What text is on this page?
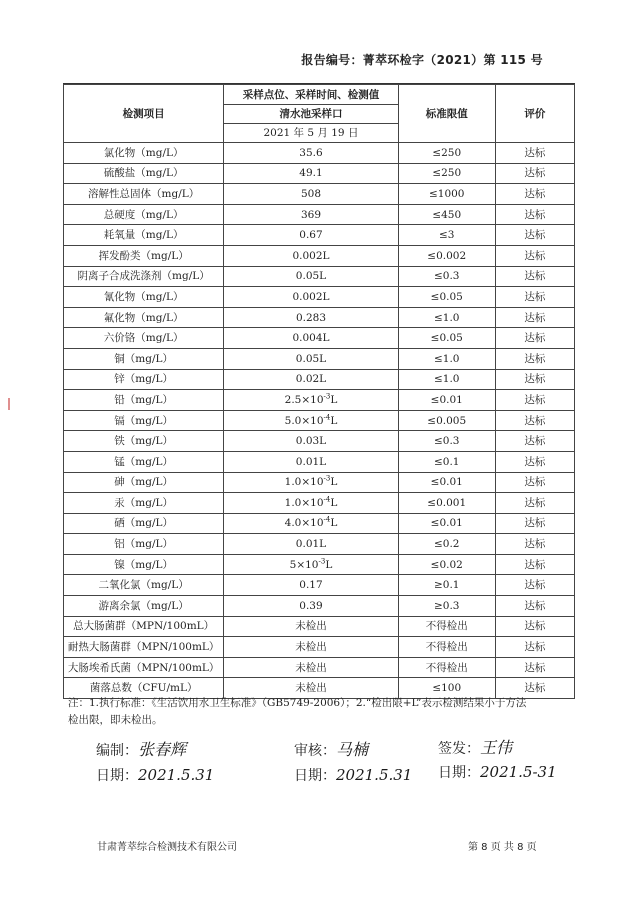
报告编号：菁萃环检字（2021）第 115 号
检测项目	采样点位、采样时间、检测值	标准限值	评价
	清水池采样口		
	2021 年 5 月 19 日		
氯化物（mg/L）	35.6	≤250	达标
硫酸盐（mg/L）	49.1	≤250	达标
溶解性总固体（mg/L）	508	≤1000	达标
总硬度（mg/L）	369	≤450	达标
耗氧量（mg/L）	0.67	≤3	达标
挥发酚类（mg/L）	0.002L	≤0.002	达标
阴离子合成洗涤剂（mg/L）	0.05L	≤0.3	达标
氰化物（mg/L）	0.002L	≤0.05	达标
氟化物（mg/L）	0.283	≤1.0	达标
六价铬（mg/L）	0.004L	≤0.05	达标
铜（mg/L）	0.05L	≤1.0	达标
锌（mg/L）	0.02L	≤1.0	达标
铅（mg/L）	$2.5\times 10^{-3}L$	≤0.01	达标
镉（mg/L）	$5.0\times 10^{-4}L$	≤0.005	达标
铁（mg/L）	0.03L	≤0.3	达标
锰（mg/L）	0.01L	≤0.1	达标
砷（mg/L）	$1.0\times 10^{-3}L$	≤0.01	达标
汞（mg/L）	$1.0\times 10^{-4}L$	≤0.001	达标
硒（mg/L）	$4.0\times 10^{-4}L$	≤0.01	达标
铝（mg/L）	0.01L	≤0.2	达标
镍（mg/L）	$5\times 10^{-3}L$	≤0.02	达标
二氧化氯（mg/L）	0.17	≥0.1	达标
游离余氯（mg/L）	0.39	≥0.3	达标
总大肠菌群（MPN/100mL）	未检出	不得检出	达标
耐热大肠菌群（MPN/100mL）	未检出	不得检出	达标
大肠埃希氏菌（MPN/100mL）	未检出	不得检出	达标
菌落总数（CFU/mL）	未检出	≤100	达标
注：1.执行标准：《生活饮用水卫生标准》（GB5749-2006）；2.“检出限+L”表示检测结果小于方法
检出限，即未检出。
编制：张春辉	审核：马楠	签发：王伟
日期：2021.5.31	日期：2021.5.31 日期：2021.5-31
甘肃菁萃综合检测技术有限公司	第 8 页 共 8 页
